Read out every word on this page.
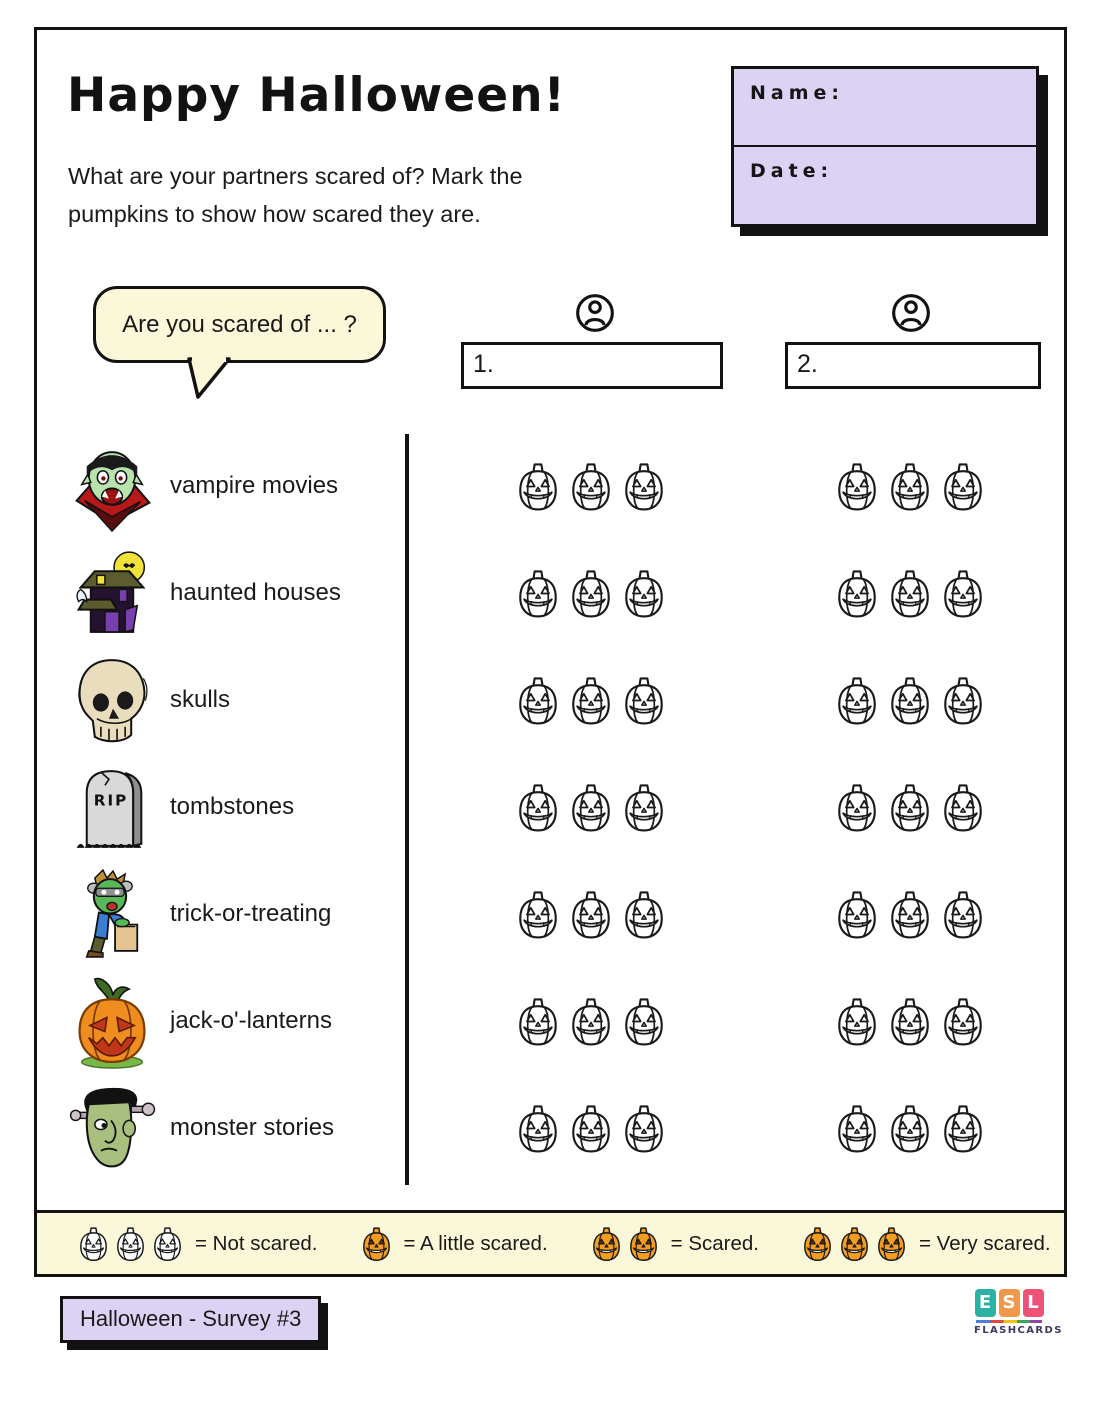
Happy Halloween!
What are your partners scared of? Mark the pumpkins to show how scared they are.
Name:
Date:
Are you scared of ... ?
1.	2.
vampire movies
haunted houses
skulls
RIP tombstones
trick-or-treating
jack-o'-lanterns
monster stories
= Not scared.	= A little scared.	= Scared.	= Very scared.
Halloween - Survey #3
E S L
FLASHCARDS
